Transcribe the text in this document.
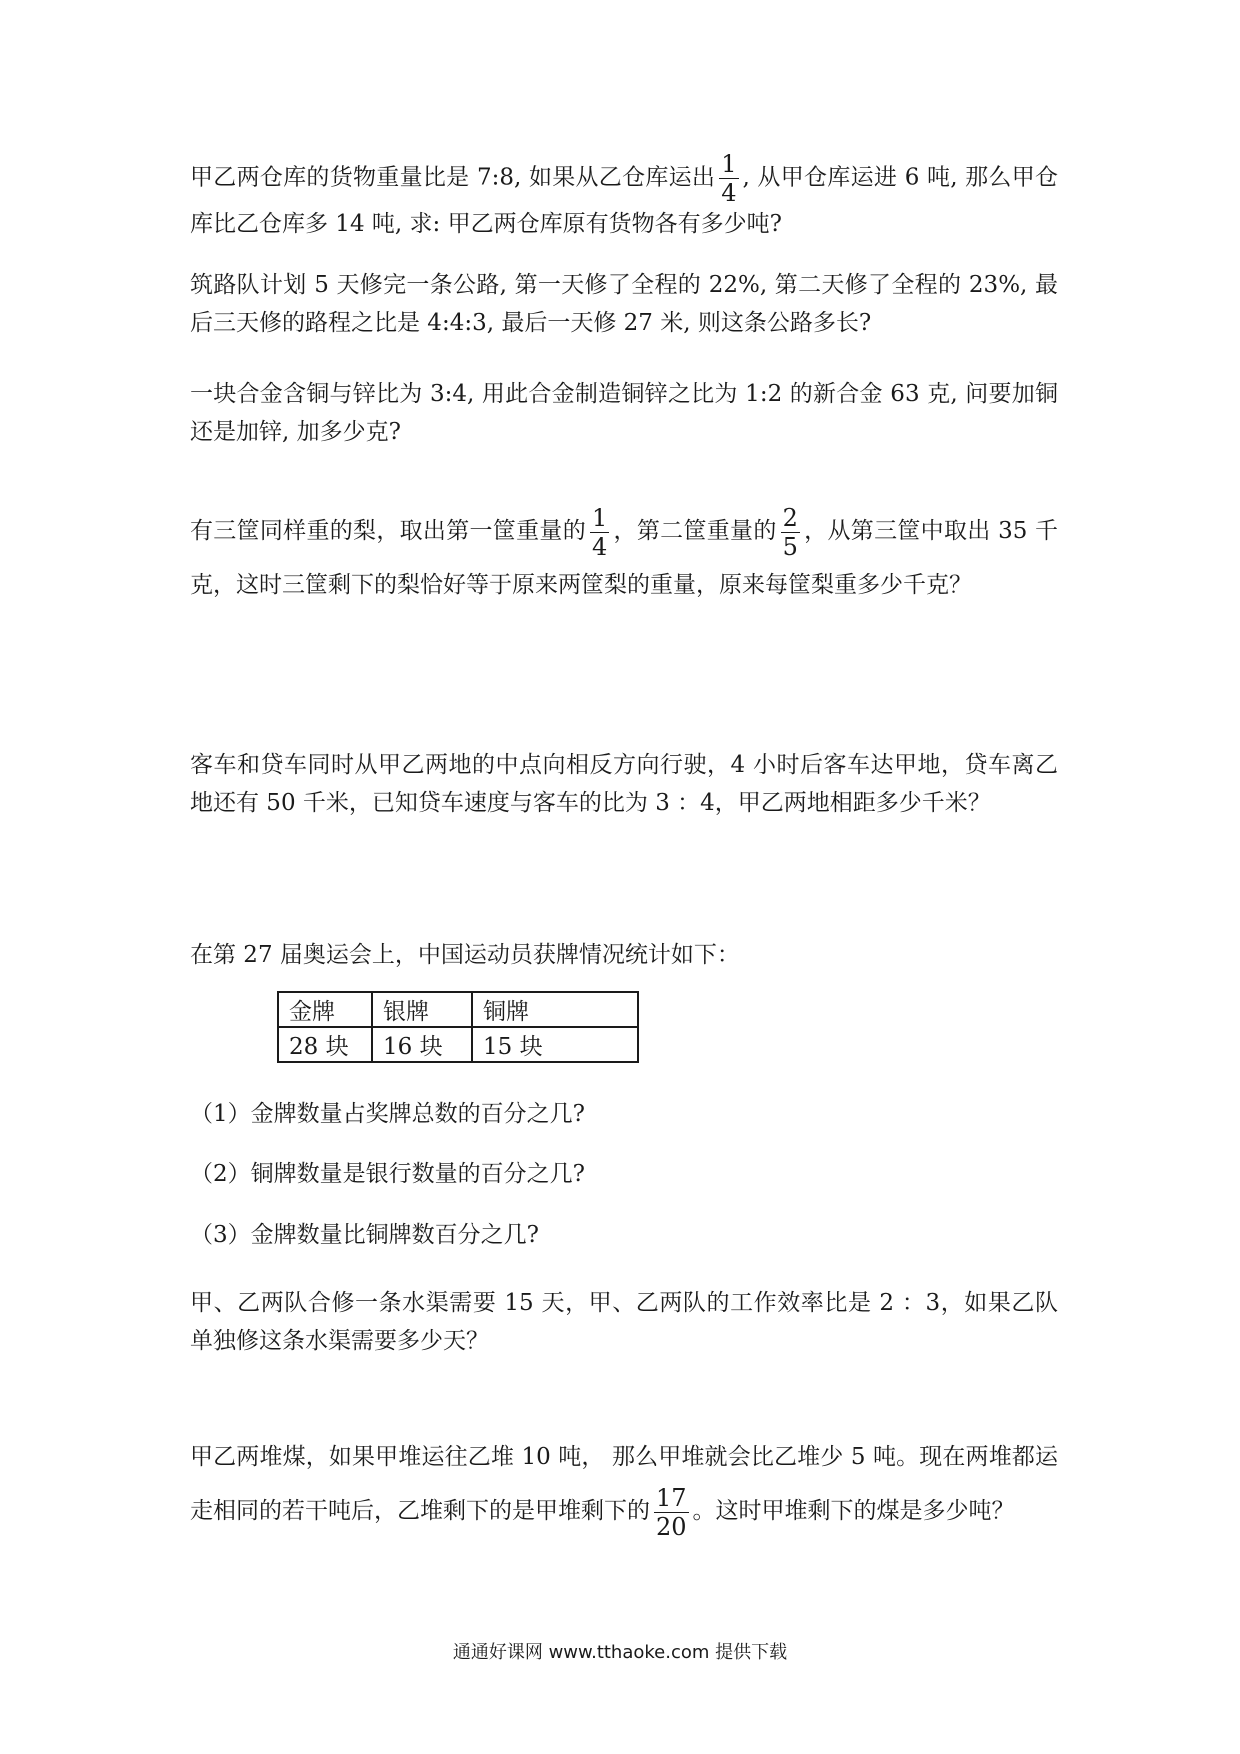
甲乙两仓库的货物重量比是 7:8, 如果从乙仓库运出 $\frac{1}{4}$ , 从甲仓库运进 6 吨, 那么甲仓库比乙仓库多 14 吨, 求: 甲乙两仓库原有货物各有多少吨?
筑路队计划 5 天修完一条公路, 第一天修了全程的 22%, 第二天修了全程的 23%, 最后三天修的路程之比是 4:4:3, 最后一天修 27 米, 则这条公路多长?
一块合金含铜与锌比为 3:4, 用此合金制造铜锌之比为 1:2 的新合金 63 克, 问要加铜还是加锌, 加多少克?
有三筐同样重的梨，取出第一筐重量的 $\frac{1}{4}$ ，第二筐重量的 $\frac{2}{5}$ ，从第三筐中取出 35 千克，这时三筐剩下的梨恰好等于原来两筐梨的重量，原来每筐梨重多少千克？
客车和贷车同时从甲乙两地的中点向相反方向行驶，4 小时后客车达甲地，贷车离乙地还有 50 千米，已知贷车速度与客车的比为 3 ：4，甲乙两地相距多少千米？
在第 27 届奥运会上，中国运动员获牌情况统计如下：
金牌	银牌	铜牌
28 块	16 块	15 块
（1）金牌数量占奖牌总数的百分之几?
（2）铜牌数量是银行数量的百分之几?
（3）金牌数量比铜牌数百分之几?
甲、乙两队合修一条水渠需要 15 天，甲、乙两队的工作效率比是 2 ：3，如果乙队单独修这条水渠需要多少天？
甲乙两堆煤，如果甲堆运往乙堆 10 吨， 那么甲堆就会比乙堆少 5 吨。现在两堆都运走相同的若干吨后，乙堆剩下的是甲堆剩下的 $\frac{17}{20}$ 。这时甲堆剩下的煤是多少吨？
通通好课网 www.tthaoke.com 提供下载
